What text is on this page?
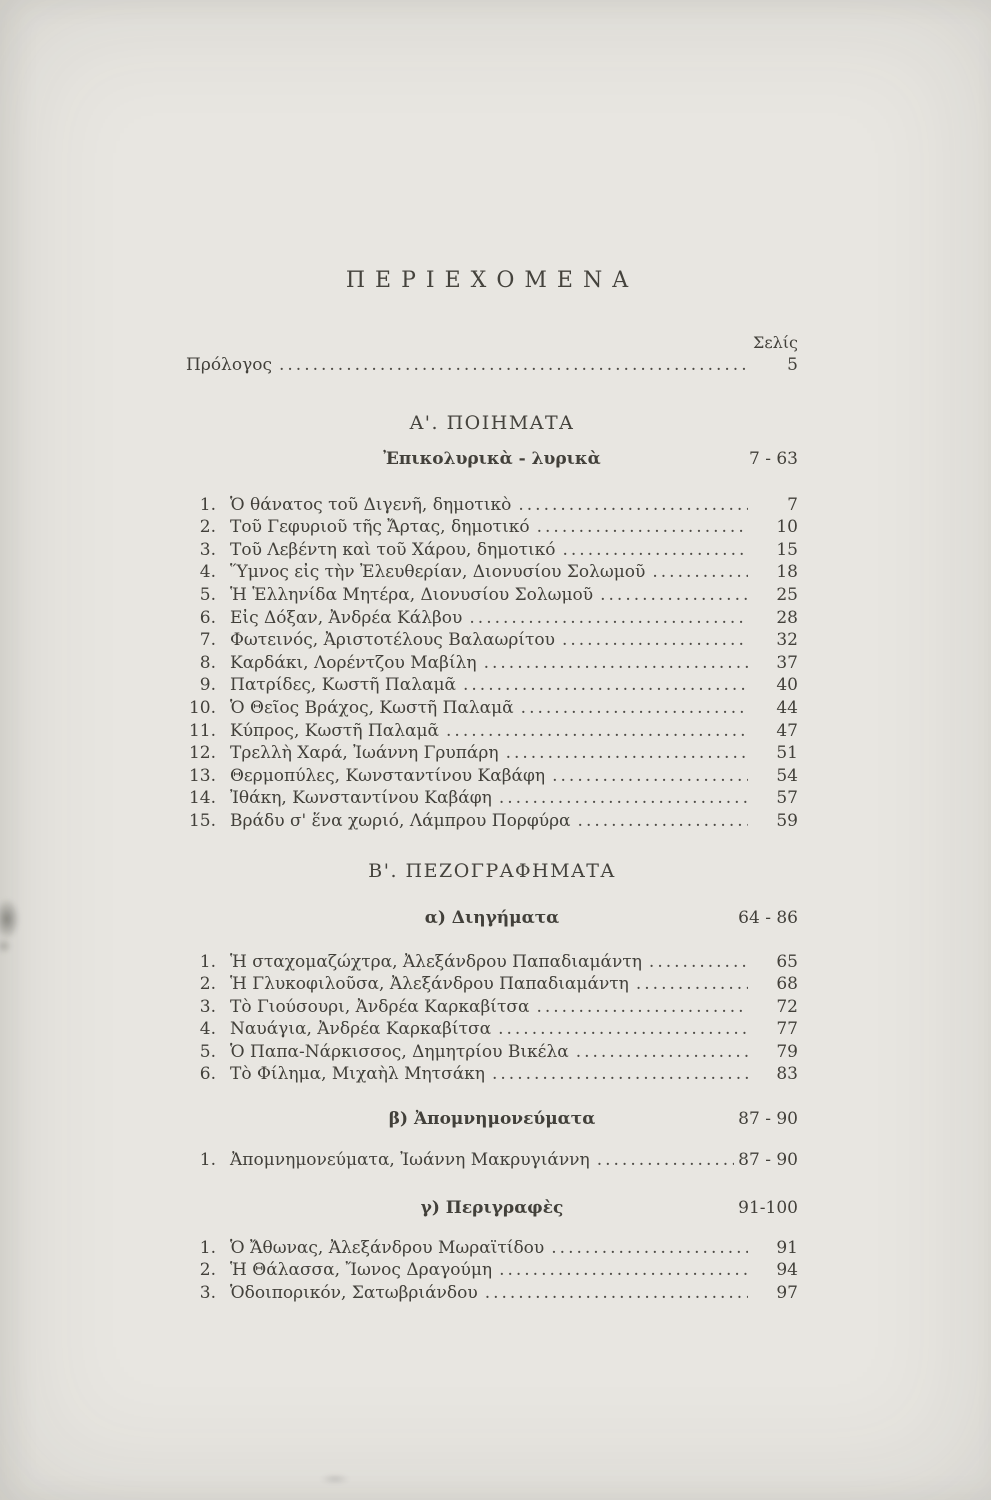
ΠΕΡΙΕΧΟΜΕΝΑ
Σελίς
Πρόλογος .....	5
Α'. ΠΟΙΗΜΑΤΑ
Ἐπικολυρικὰ - λυρικὰ	7 - 63
1. Ὁ θάνατος τοῦ Διγενῆ, δημοτικὸ .....	7
2. Τοῦ Γεφυριοῦ τῆς Ἄρτας, δημοτικό .....	10
3. Τοῦ Λεβέντη καὶ τοῦ Χάρου, δημοτικό .....	15
4. Ὕμνος εἰς τὴν Ἐλευθερίαν, Διονυσίου Σολωμοῦ .....	18
5. Ἡ Ἑλληνίδα Μητέρα, Διονυσίου Σολωμοῦ .....	25
6. Εἰς Δόξαν, Ἀνδρέα Κάλβου .....	28
7. Φωτεινός, Ἀριστοτέλους Βαλαωρίτου .....	32
8. Καρδάκι, Λορέντζου Μαβίλη .....	37
9. Πατρίδες, Κωστῆ Παλαμᾶ .....	40
10. Ὁ Θεῖος Βράχος, Κωστῆ Παλαμᾶ .....	44
11. Κύπρος, Κωστῆ Παλαμᾶ .....	47
12. Τρελλὴ Χαρά, Ἰωάννη Γρυπάρη .....	51
13. Θερμοπύλες, Κωνσταντίνου Καβάφη .....	54
14. Ἰθάκη, Κωνσταντίνου Καβάφη .....	57
15. Βράδυ σ' ἕνα χωριό, Λάμπρου Πορφύρα .....	59
Β'. ΠΕΖΟΓΡΑΦΗΜΑΤΑ
α) Διηγήματα	64 - 86
1. Ἡ σταχομαζώχτρα, Ἀλεξάνδρου Παπαδιαμάντη .....	65
2. Ἡ Γλυκοφιλοῦσα, Ἀλεξάνδρου Παπαδιαμάντη .....	68
3. Τὸ Γιούσουρι, Ἀνδρέα Καρκαβίτσα .....	72
4. Ναυάγια, Ἀνδρέα Καρκαβίτσα .....	77
5. Ὁ Παπα-Νάρκισσος, Δημητρίου Βικέλα .....	79
6. Τὸ Φίλημα, Μιχαὴλ Μητσάκη .....	83
β) Ἀπομνημονεύματα	87 - 90
1. Ἀπομνημονεύματα, Ἰωάννη Μακρυγιάννη .....	87 - 90
γ) Περιγραφὲς	91-100
1. Ὁ Ἄθωνας, Ἀλεξάνδρου Μωραϊτίδου .....	91
2. Ἡ Θάλασσα, Ἴωνος Δραγούμη .....	94
3. Ὁδοιπορικόν, Σατωβριάνδου .....	97
